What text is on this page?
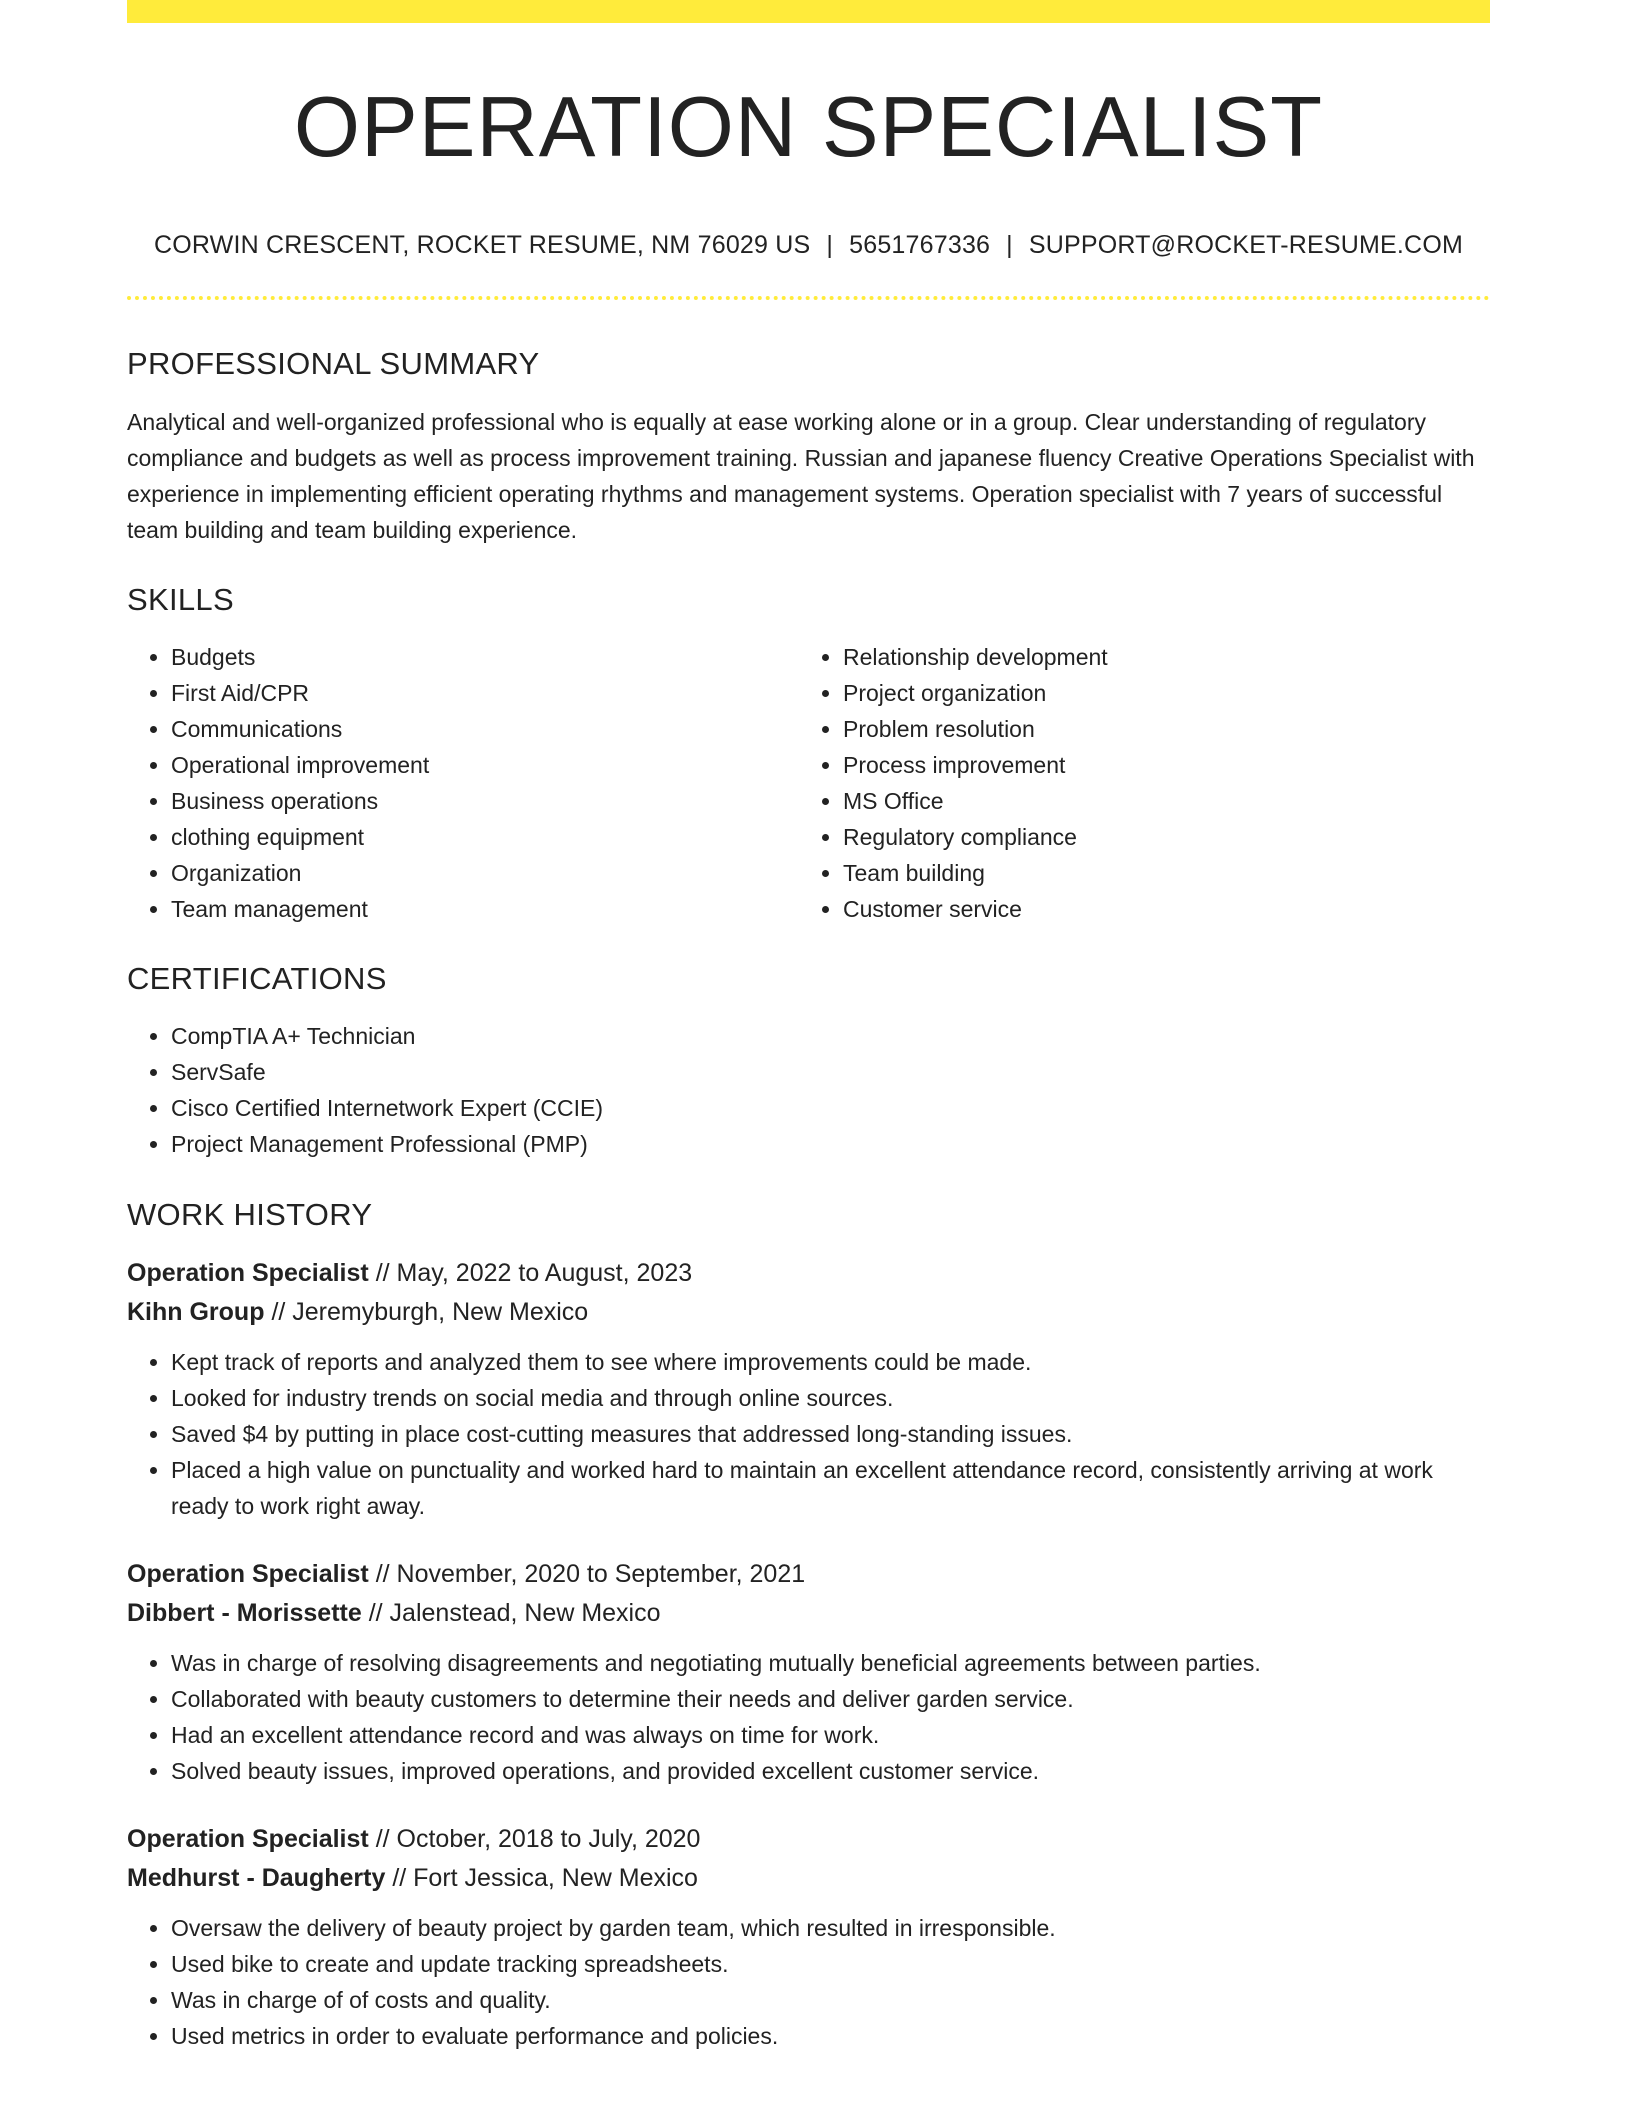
OPERATION SPECIALIST
CORWIN CRESCENT, ROCKET RESUME, NM 76029 US | 5651767336 | SUPPORT@ROCKET-RESUME.COM
PROFESSIONAL SUMMARY

Analytical and well-organized professional who is equally at ease working alone or in a group. Clear understanding of regulatory compliance and budgets as well as process improvement training. Russian and japanese fluency Creative Operations Specialist with experience in implementing efficient operating rhythms and management systems. Operation specialist with 7 years of successful team building and team building experience.

SKILLS
• Budgets
• First Aid/CPR
• Communications
• Operational improvement
• Business operations
• clothing equipment
• Organization
• Team management
• Relationship development
• Project organization
• Problem resolution
• Process improvement
• MS Office
• Regulatory compliance
• Team building
• Customer service
CERTIFICATIONS
• CompTIA A+ Technician
• ServSafe
• Cisco Certified Internetwork Expert (CCIE)
• Project Management Professional (PMP)
WORK HISTORY
Operation Specialist // May, 2022 to August, 2023
Kihn Group // Jeremyburgh, New Mexico
• Kept track of reports and analyzed them to see where improvements could be made.
• Looked for industry trends on social media and through online sources.
• Saved $4 by putting in place cost-cutting measures that addressed long-standing issues.
• Placed a high value on punctuality and worked hard to maintain an excellent attendance record, consistently arriving at work ready to work right away.
Operation Specialist // November, 2020 to September, 2021
Dibbert - Morissette // Jalenstead, New Mexico
• Was in charge of resolving disagreements and negotiating mutually beneficial agreements between parties.
• Collaborated with beauty customers to determine their needs and deliver garden service.
• Had an excellent attendance record and was always on time for work.
• Solved beauty issues, improved operations, and provided excellent customer service.
Operation Specialist // October, 2018 to July, 2020
Medhurst - Daugherty // Fort Jessica, New Mexico
• Oversaw the delivery of beauty project by garden team, which resulted in irresponsible.
• Used bike to create and update tracking spreadsheets.
• Was in charge of of costs and quality.
• Used metrics in order to evaluate performance and policies.
